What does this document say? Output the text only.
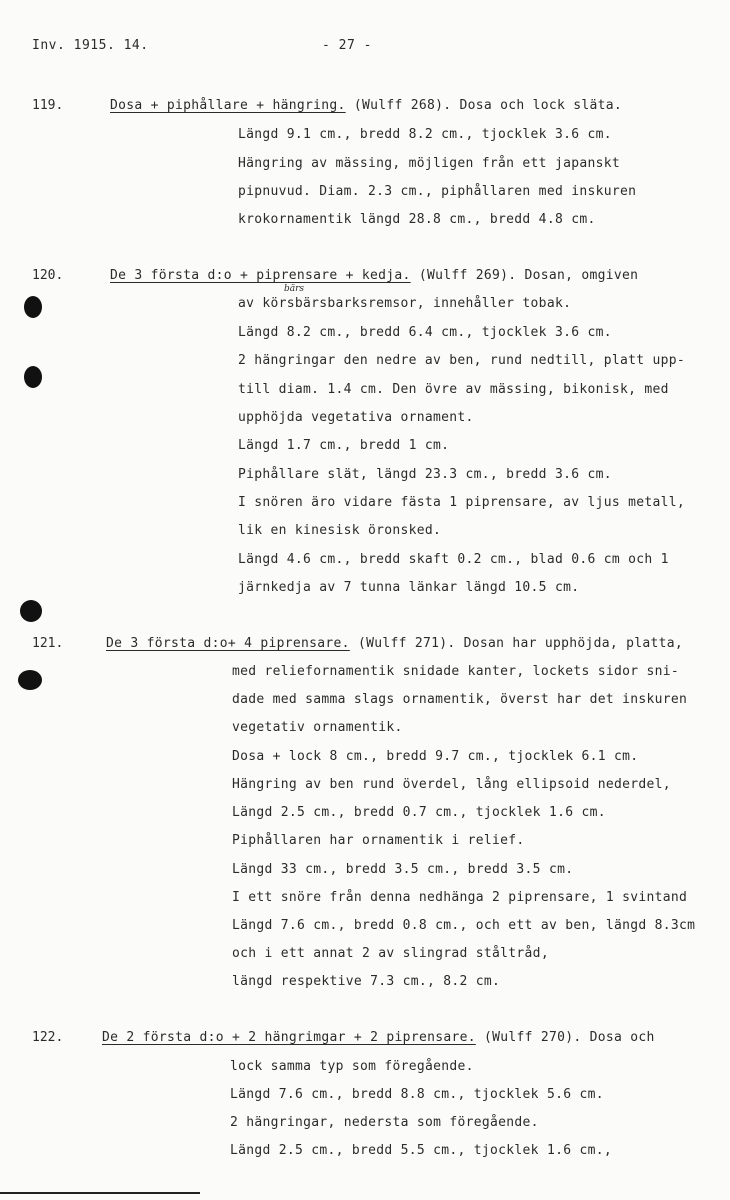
Inv. 1915. 14.	- 27 -
119.	Dosa + piphållare + hängring. (Wulff 268). Dosa och lock släta.
Längd 9.1 cm., bredd 8.2 cm., tjocklek 3.6 cm.
Hängring av mässing, möjligen från ett japanskt
pipnuvud. Diam. 2.3 cm., piphållaren med inskuren
krokornamentik längd 28.8 cm., bredd 4.8 cm.
120.	De 3 första d:o + piprensare + kedja. (Wulff 269). Dosan, omgiven
bärs
av körsbärsbarksremsor, innehåller tobak.
Längd 8.2 cm., bredd 6.4 cm., tjocklek 3.6 cm.
2 hängringar den nedre av ben, rund nedtill, platt upp-
till diam. 1.4 cm. Den övre av mässing, bikonisk, med
upphöjda vegetativa ornament.
Längd 1.7 cm., bredd 1 cm.
Piphållare slät, längd 23.3 cm., bredd 3.6 cm.
I snören äro vidare fästa 1 piprensare, av ljus metall,
lik en kinesisk öronsked.
Längd 4.6 cm., bredd skaft 0.2 cm., blad 0.6 cm och 1
järnkedja av 7 tunna länkar längd 10.5 cm.
121.	De 3 första d:o+ 4 piprensare. (Wulff 271). Dosan har upphöjda, platta,
med reliefornamentik snidade kanter, lockets sidor sni-
dade med samma slags ornamentik, överst har det inskuren
vegetativ ornamentik.
Dosa + lock 8 cm., bredd 9.7 cm., tjocklek 6.1 cm.
Hängring av ben rund överdel, lång ellipsoid nederdel,
Längd 2.5 cm., bredd 0.7 cm., tjocklek 1.6 cm.
Piphållaren har ornamentik i relief.
Längd 33 cm., bredd 3.5 cm., bredd 3.5 cm.
I ett snöre från denna nedhänga 2 piprensare, 1 svintand
Längd 7.6 cm., bredd 0.8 cm., och ett av ben, längd 8.3cm
och i ett annat 2 av slingrad ståltråd,
längd respektive 7.3 cm., 8.2 cm.
122.	De 2 första d:o + 2 hängrimgar + 2 piprensare. (Wulff 270). Dosa och
lock samma typ som föregående.
Längd 7.6 cm., bredd 8.8 cm., tjocklek 5.6 cm.
2 hängringar, nedersta som föregående.
Längd 2.5 cm., bredd 5.5 cm., tjocklek 1.6 cm.,
